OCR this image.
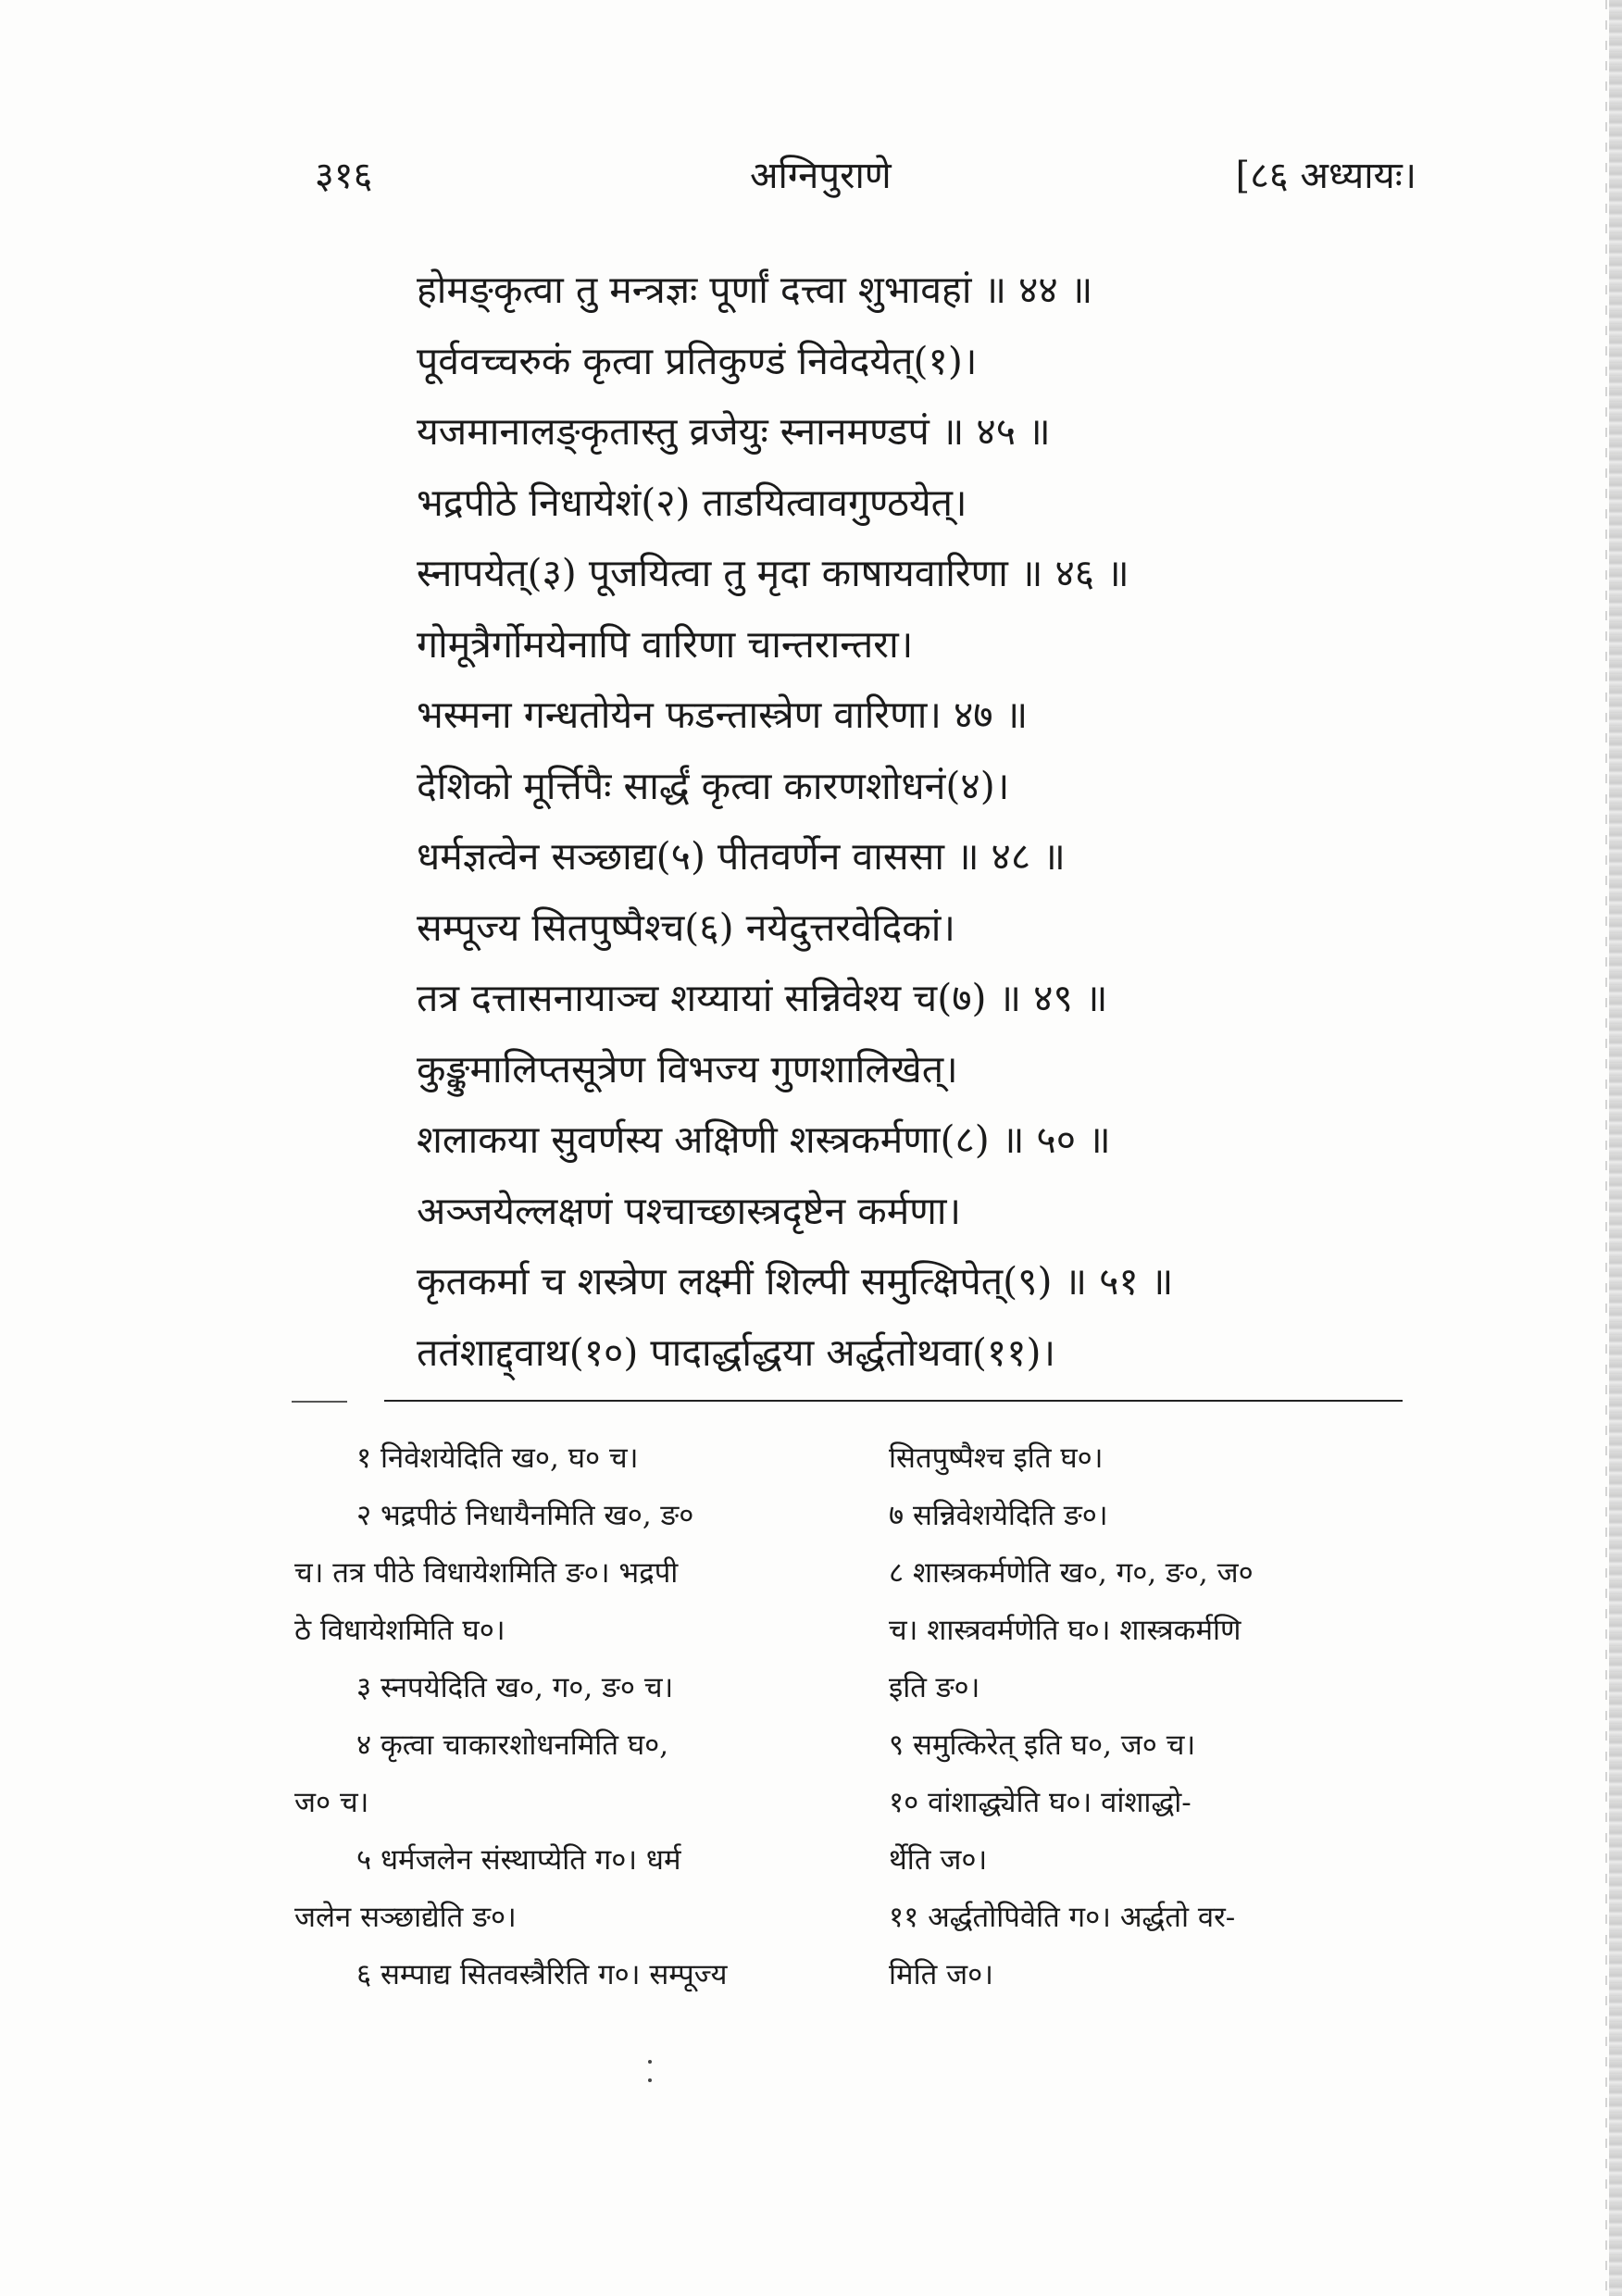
३१६	अग्निपुराणे	[८६ अध्यायः।
होमङ्कृत्वा तु मन्त्रज्ञः पूर्णां दत्त्वा शुभावहां ॥ ४४ ॥
पूर्ववच्चरुकं कृत्वा प्रतिकुण्डं निवेदयेत्(१)।
यजमानालङ्कृतास्तु व्रजेयुः स्नानमण्डपं ॥ ४५ ॥
भद्रपीठे निधायेशं(२) ताडयित्वावगुण्ठयेत्।
स्नापयेत्(३) पूजयित्वा तु मृदा काषायवारिणा ॥ ४६ ॥
गोमूत्रैर्गोमयेनापि वारिणा चान्तरान्तरा।
भस्मना गन्धतोयेन फडन्तास्त्रेण वारिणा। ४७ ॥
देशिको मूर्त्तिपैः सार्द्धं कृत्वा कारणशोधनं(४)।
धर्मज्ञत्वेन सञ्छाद्य(५) पीतवर्णेन वाससा ॥ ४८ ॥
सम्पूज्य सितपुष्पैश्च(६) नयेदुत्तरवेदिकां।
तत्र दत्तासनायाञ्च शय्यायां सन्निवेश्य च(७) ॥ ४९ ॥
कुङ्कुमालिप्तसूत्रेण विभज्य गुणशालिखेत्।
शलाकया सुवर्णस्य अक्षिणी शस्त्रकर्मणा(८) ॥ ५० ॥
अञ्जयेल्लक्षणं पश्चाच्छास्त्रदृष्टेन कर्मणा।
कृतकर्मा च शस्त्रेण लक्ष्मीं शिल्पी समुत्क्षिपेत्(९) ॥ ५१ ॥
ततंशाद्द्वाथ(१०) पादार्द्धाद्धया अर्द्धतोथवा(११)।
१ निवेशयेदिति ख०, घ० च।
२ भद्रपीठं निधायैनमिति ख०, ङ०
च। तत्र पीठे विधायेशमिति ङ०। भद्रपी
ठे विधायेशमिति घ०।
३ स्नपयेदिति ख०, ग०, ङ० च।
४ कृत्वा चाकारशोधनमिति घ०,
ज० च।
५ धर्मजलेन संस्थाप्येति ग०। धर्म
जलेन सञ्छाद्येति ङ०।
६ सम्पाद्य सितवस्त्रैरिति ग०। सम्पूज्य
सितपुष्पैश्च इति घ०।
७ सन्निवेशयेदिति ङ०।
८ शास्त्रकर्मणेति ख०, ग०, ङ०, ज०
च। शास्त्रवर्मणेति घ०। शास्त्रकर्मणि
इति ङ०।
९ समुत्किरेत् इति घ०, ज० च।
१० वांशाद्ध्येति घ०। वांशाद्धो-
र्थेति ज०।
११ अर्द्धतोपिवेति ग०। अर्द्धतो वर-
मिति ज०।
